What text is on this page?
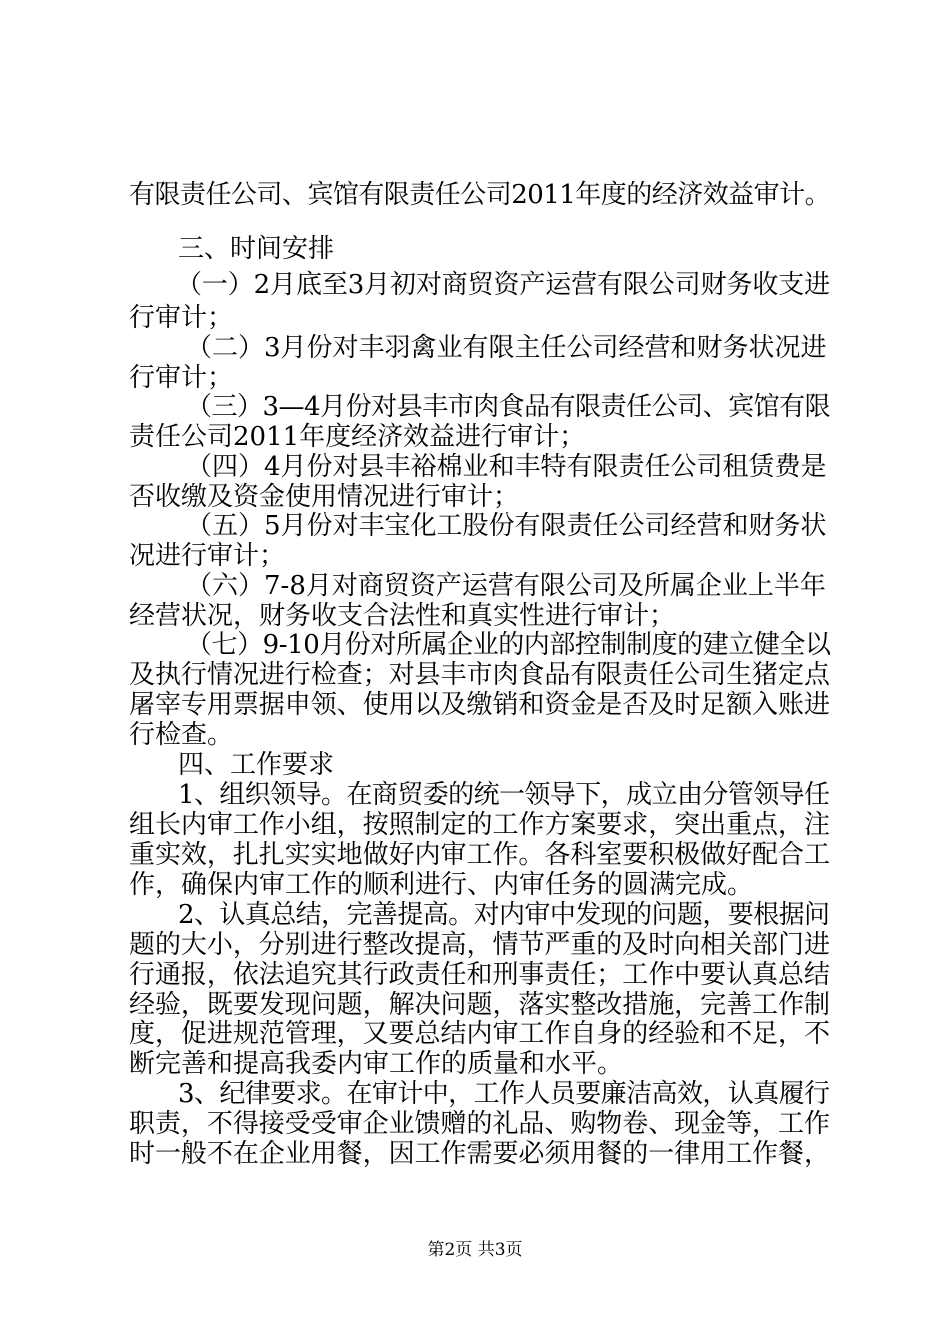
有限责任公司、宾馆有限责任公司2011年度的经济效益审计。
三、时间安排
（一）2月底至3月初对商贸资产运营有限公司财务收支进
行审计；
（二）3月份对丰羽禽业有限主任公司经营和财务状况进
行审计；
（三）3—4月份对县丰市肉食品有限责任公司、宾馆有限
责任公司2011年度经济效益进行审计；
（四）4月份对县丰裕棉业和丰特有限责任公司租赁费是
否收缴及资金使用情况进行审计；
（五）5月份对丰宝化工股份有限责任公司经营和财务状
况进行审计；
（六）7-8月对商贸资产运营有限公司及所属企业上半年
经营状况，财务收支合法性和真实性进行审计；
（七）9-10月份对所属企业的内部控制制度的建立健全以
及执行情况进行检查；对县丰市肉食品有限责任公司生猪定点
屠宰专用票据申领、使用以及缴销和资金是否及时足额入账进
行检查。
四、工作要求
1、组织领导。在商贸委的统一领导下，成立由分管领导任
组长内审工作小组，按照制定的工作方案要求，突出重点，注
重实效，扎扎实实地做好内审工作。各科室要积极做好配合工
作，确保内审工作的顺利进行、内审任务的圆满完成。
2、认真总结，完善提高。对内审中发现的问题，要根据问
题的大小，分别进行整改提高，情节严重的及时向相关部门进
行通报，依法追究其行政责任和刑事责任；工作中要认真总结
经验，既要发现问题，解决问题，落实整改措施，完善工作制
度，促进规范管理，又要总结内审工作自身的经验和不足，不
断完善和提高我委内审工作的质量和水平。
3、纪律要求。在审计中，工作人员要廉洁高效，认真履行
职责，不得接受受审企业馈赠的礼品、购物卷、现金等，工作
时一般不在企业用餐，因工作需要必须用餐的一律用工作餐，
第2页 共3页
